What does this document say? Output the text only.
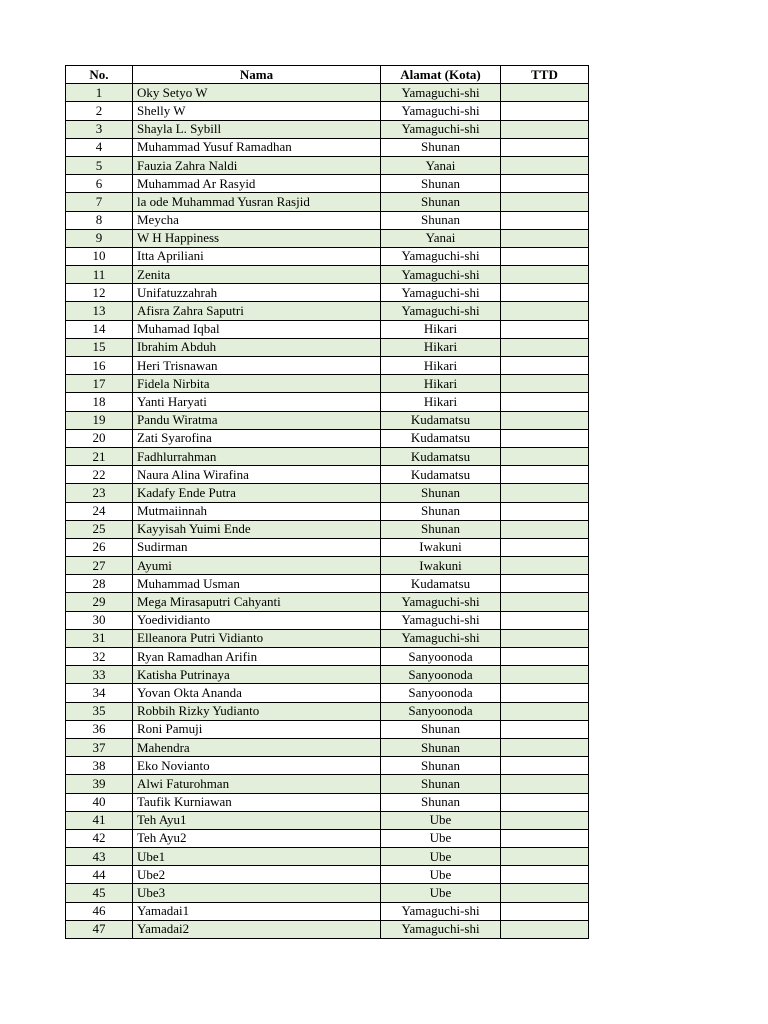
No.	Nama	Alamat (Kota)	TTD
1	Oky Setyo W	Yamaguchi-shi	
2	Shelly W	Yamaguchi-shi	
3	Shayla L. Sybill	Yamaguchi-shi	
4	Muhammad Yusuf Ramadhan	Shunan	
5	Fauzia Zahra Naldi	Yanai	
6	Muhammad Ar Rasyid	Shunan	
7	la ode Muhammad Yusran Rasjid	Shunan	
8	Meycha	Shunan	
9	W H Happiness	Yanai	
10	Itta Apriliani	Yamaguchi-shi	
11	Zenita	Yamaguchi-shi	
12	Unifatuzzahrah	Yamaguchi-shi	
13	Afisra Zahra Saputri	Yamaguchi-shi	
14	Muhamad Iqbal	Hikari	
15	Ibrahim Abduh	Hikari	
16	Heri Trisnawan	Hikari	
17	Fidela Nirbita	Hikari	
18	Yanti Haryati	Hikari	
19	Pandu Wiratma	Kudamatsu	
20	Zati Syarofina	Kudamatsu	
21	Fadhlurrahman	Kudamatsu	
22	Naura Alina Wirafina	Kudamatsu	
23	Kadafy Ende Putra	Shunan	
24	Mutmaiinnah	Shunan	
25	Kayyisah Yuimi Ende	Shunan	
26	Sudirman	Iwakuni	
27	Ayumi	Iwakuni	
28	Muhammad Usman	Kudamatsu	
29	Mega Mirasaputri Cahyanti	Yamaguchi-shi	
30	Yoedividianto	Yamaguchi-shi	
31	Elleanora Putri Vidianto	Yamaguchi-shi	
32	Ryan Ramadhan Arifin	Sanyoonoda	
33	Katisha Putrinaya	Sanyoonoda	
34	Yovan Okta Ananda	Sanyoonoda	
35	Robbih Rizky Yudianto	Sanyoonoda	
36	Roni Pamuji	Shunan	
37	Mahendra	Shunan	
38	Eko Novianto	Shunan	
39	Alwi Faturohman	Shunan	
40	Taufik Kurniawan	Shunan	
41	Teh Ayu1	Ube	
42	Teh Ayu2	Ube	
43	Ube1	Ube	
44	Ube2	Ube	
45	Ube3	Ube	
46	Yamadai1	Yamaguchi-shi	
47	Yamadai2	Yamaguchi-shi	
